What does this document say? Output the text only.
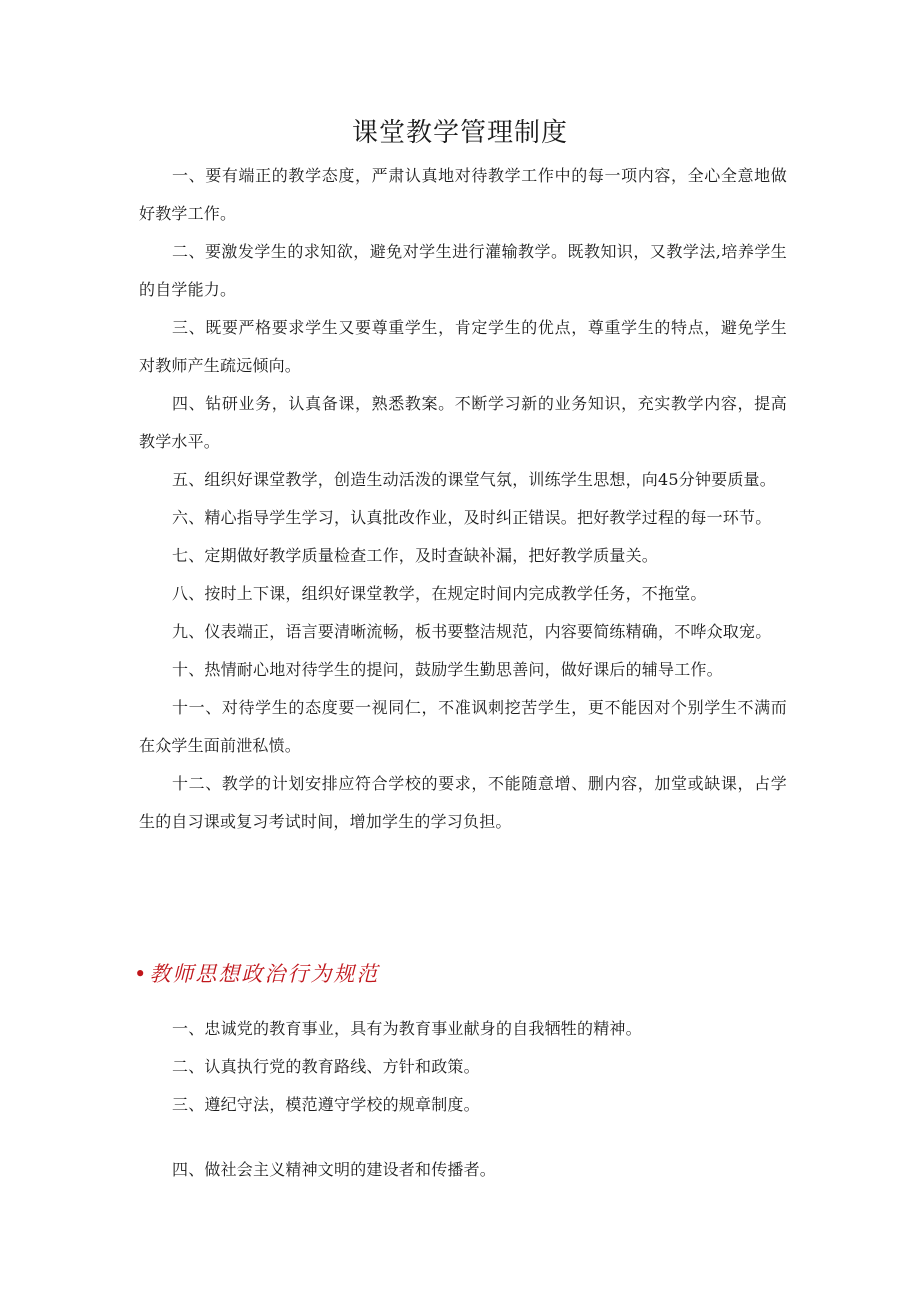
课堂教学管理制度

一、要有端正的教学态度，严肃认真地对待教学工作中的每一项内容，全心全意地做好教学工作。

二、要激发学生的求知欲，避免对学生进行灌输教学。既教知识，又教学法,培养学生的自学能力。

三、既要严格要求学生又要尊重学生，肯定学生的优点，尊重学生的特点，避免学生对教师产生疏远倾向。

四、钻研业务，认真备课，熟悉教案。不断学习新的业务知识，充实教学内容，提高教学水平。

五、组织好课堂教学，创造生动活泼的课堂气氛，训练学生思想，向45分钟要质量。

六、精心指导学生学习，认真批改作业，及时纠正错误。把好教学过程的每一环节。

七、定期做好教学质量检查工作，及时查缺补漏，把好教学质量关。

八、按时上下课，组织好课堂教学，在规定时间内完成教学任务，不拖堂。

九、仪表端正，语言要清晰流畅，板书要整洁规范，内容要简练精确，不哗众取宠。

十、热情耐心地对待学生的提问，鼓励学生勤思善问，做好课后的辅导工作。

十一、对待学生的态度要一视同仁，不准讽刺挖苦学生，更不能因对个别学生不满而在众学生面前泄私愤。

十二、教学的计划安排应符合学校的要求，不能随意增、删内容，加堂或缺课，占学生的自习课或复习考试时间，增加学生的学习负担。

•教师思想政治行为规范

一、忠诚党的教育事业，具有为教育事业献身的自我牺牲的精神。

二、认真执行党的教育路线、方针和政策。

三、遵纪守法，模范遵守学校的规章制度。

四、做社会主义精神文明的建设者和传播者。
